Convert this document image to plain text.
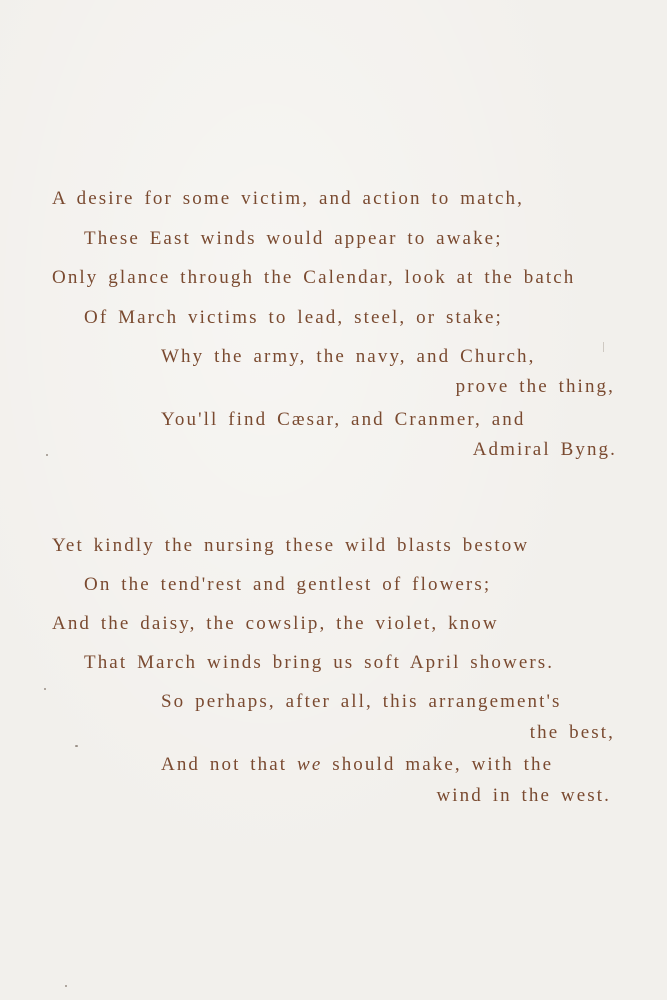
A desire for some victim, and action to match,
These East winds would appear to awake;
Only glance through the Calendar, look at the batch
Of March victims to lead, steel, or stake;
Why the army, the navy, and Church,
prove the thing,
You'll find Cæsar, and Cranmer, and
Admiral Byng.
Yet kindly the nursing these wild blasts bestow
On the tend'rest and gentlest of flowers;
And the daisy, the cowslip, the violet, know
That March winds bring us soft April showers.
So perhaps, after all, this arrangement's
the best,
And not that we should make, with the
wind in the west.
